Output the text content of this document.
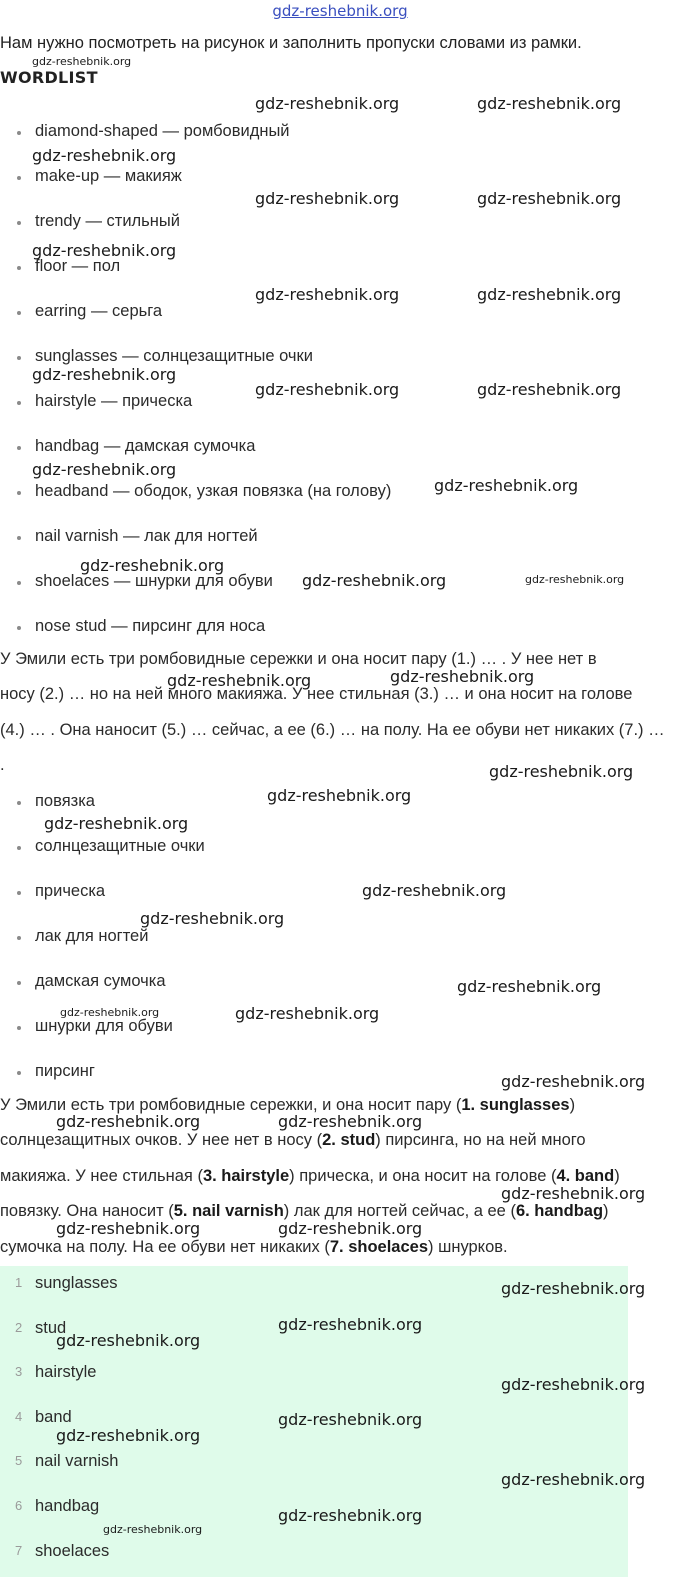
gdz-reshebnik.org
Нам нужно посмотреть на рисунок и заполнить пропуски словами из рамки.
WORDLIST
diamond-shaped — ромбовидный
make-up — макияж
trendy — стильный
floor — пол
earring — серьга
sunglasses — солнцезащитные очки
hairstyle — прическа
handbag — дамская сумочка
headband — ободок, узкая повязка (на голову)
nail varnish — лак для ногтей
shoelaces — шнурки для обуви
nose stud — пирсинг для носа
У Эмили есть три ромбовидные сережки и она носит пару (1.) … . У нее нет в
носу (2.) … но на ней много макияжа. У нее стильная (3.) … и она носит на голове
(4.) … . Она наносит (5.) … сейчас, а ее (6.) … на полу. На ее обуви нет никаких (7.) …
.
повязка
солнцезащитные очки
прическа
лак для ногтей
дамская сумочка
шнурки для обуви
пирсинг
У Эмили есть три ромбовидные сережки, и она носит пару (1. sunglasses)
солнцезащитных очков. У нее нет в носу (2. stud) пирсинга, но на ней много
макияжа. У нее стильная (3. hairstyle) прическа, и она носит на голове (4. band)
повязку. Она наносит (5. nail varnish) лак для ногтей сейчас, а ее (6. handbag)
сумочка на полу. На ее обуви нет никаких (7. shoelaces) шнурков.
1 sunglasses
2 stud
3 hairstyle
4 band
5 nail varnish
6 handbag
7 shoelaces
gdz-reshebnik.org
gdz-reshebnik.org	gdz-reshebnik.org
gdz-reshebnik.org
gdz-reshebnik.org	gdz-reshebnik.org
gdz-reshebnik.org
gdz-reshebnik.org	gdz-reshebnik.org
gdz-reshebnik.org
gdz-reshebnik.org	gdz-reshebnik.org
gdz-reshebnik.org
gdz-reshebnik.org
gdz-reshebnik.org
gdz-reshebnik.org	gdz-reshebnik.org
gdz-reshebnik.org	gdz-reshebnik.org
gdz-reshebnik.org
gdz-reshebnik.org
gdz-reshebnik.org
gdz-reshebnik.org
gdz-reshebnik.org
gdz-reshebnik.org
gdz-reshebnik.org	gdz-reshebnik.org
gdz-reshebnik.org
gdz-reshebnik.org	gdz-reshebnik.org
gdz-reshebnik.org
gdz-reshebnik.org	gdz-reshebnik.org
gdz-reshebnik.org
gdz-reshebnik.org
gdz-reshebnik.org
gdz-reshebnik.org
gdz-reshebnik.org
gdz-reshebnik.org
gdz-reshebnik.org
gdz-reshebnik.org
gdz-reshebnik.org
